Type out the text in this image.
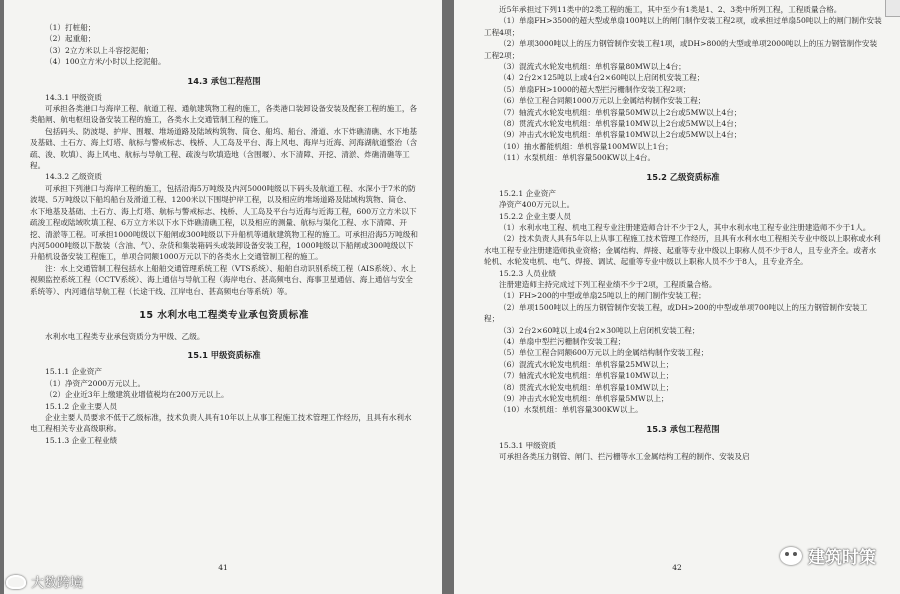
（1）打桩船；

（2）起重船；

（3）2立方米以上斗容挖泥船；

（4）100立方米/小时以上挖泥船。

14.3 承包工程范围

14.3.1 甲级资质

可承担各类港口与海岸工程、航道工程、通航建筑物工程的施工，各类港口装卸设备安装及配套工程的施工，各类船闸、航电枢纽设备安装工程的施工，各类水上交通管制工程的施工。

包括码头、防波堤、护岸、围堰、堆场道路及陆域构筑物、筒仓、船坞、船台、滑道、水下炸礁清礁、水下地基及基础、土石方、海上灯塔、航标与警戒标志、栈桥、人工岛及平台、海上风电、海岸与近海、河海湖航道整治（含疏、浚、吹填）、海上风电、航标与导航工程、疏浚与吹填造地（含围堰）、水下清障、开挖、清淤、炸礁清礁等工程。

14.3.2 乙级资质

可承担下列港口与海岸工程的施工，包括沿海5万吨级及内河5000吨级以下码头及航道工程、水深小于7米的防波堤、5万吨级以下船坞船台及滑道工程、1200米以下围堤护岸工程，以及相应的堆场道路及陆域构筑物、筒仓、水下地基及基础、土石方、海上灯塔、航标与警戒标志、栈桥、人工岛及平台与近海与近海工程，600万立方米以下疏浚工程或陆域吹填工程、6万立方米以下水下炸礁清礁工程，以及相应的测量、航标与渠化工程、水下清障、开挖、清淤等工程。可承担1000吨级以下船闸或300吨级以下升船机等通航建筑物工程的施工。可承担沿海5万吨级和内河5000吨级以下散装（含油、气）、杂货和集装箱码头或装卸设备安装工程，1000吨级以下船闸或300吨级以下升船机设备安装工程施工，单项合同额1000万元以下的各类水上交通管制工程的施工。

注：水上交通管制工程包括水上船舶交通管理系统工程（VTS系统）、船舶自动识别系统工程（AIS系统）、水上视频监控系统工程（CCTV系统）、海上通信与导航工程（海岸电台、甚高频电台、海事卫星通信、海上通信与安全系统等）、内河通信导航工程（长途干线、江岸电台、甚高频电台等系统）等。

15 水利水电工程类专业承包资质标准

水利水电工程类专业承包资质分为甲级、乙级。

15.1 甲级资质标准

15.1.1 企业资产

（1）净资产2000万元以上。

（2）企业近3年上缴建筑业增值税均在200万元以上。

15.1.2 企业主要人员

企业主要人员要求不低于乙级标准，技术负责人具有10年以上从事工程施工技术管理工作经历，且具有水利水电工程相关专业高级职称。

15.1.3 企业工程业绩

41

近5年承担过下列11类中的2类工程的施工，其中至少有1类是1、2、3类中所列工程，工程质量合格。

（1）单扇FH>3500的超大型或单扇100吨以上的闸门制作安装工程2项，或承担过单扇50吨以上的闸门制作安装工程4项；

（2）单项3000吨以上的压力钢管制作安装工程1项，或DH>800的大型或单项2000吨以上的压力钢管制作安装工程2项；

（3）混流式水轮发电机组：单机容量80MW以上4台；

（4）2台2×125吨以上或4台2×60吨以上启闭机安装工程；

（5）单扇FH>1000的超大型拦污栅制作安装工程2项；

（6）单位工程合同额1000万元以上金属结构制作安装工程；

（7）轴流式水轮发电机组：单机容量50MW以上2台或5MW以上4台；

（8）贯流式水轮发电机组：单机容量10MW以上2台或5MW以上4台；

（9）冲击式水轮发电机组：单机容量10MW以上2台或5MW以上4台；

（10）抽水蓄能机组：单机容量100MW以上1台；

（11）水泵机组：单机容量500KW以上4台。

15.2 乙级资质标准

15.2.1 企业资产

净资产400万元以上。

15.2.2 企业主要人员

（1）水利水电工程、机电工程专业注册建造师合计不少于2人，其中水利水电工程专业注册建造师不少于1人。

（2）技术负责人具有5年以上从事工程施工技术管理工作经历，且具有水利水电工程相关专业中级以上职称或水利水电工程专业注册建造师执业资格；金属结构、焊接、起重等专业中级以上职称人员不少于8人，且专业齐全。或者水轮机、水轮发电机、电气、焊接、调试、起重等专业中级以上职称人员不少于8人，且专业齐全。

15.2.3 人员业绩

注册建造师主持完成过下列工程业绩不少于2项，工程质量合格。

（1）FH>200的中型或单扇25吨以上的闸门制作安装工程；

（2）单项1500吨以上的压力钢管制作安装工程，或DH>200的中型或单项700吨以上的压力钢管制作安装工程；

（3）2台2×60吨以上或4台2×30吨以上启闭机安装工程；

（4）单扇中型拦污栅制作安装工程；

（5）单位工程合同额600万元以上的金属结构制作安装工程；

（6）混流式水轮发电机组：单机容量25MW以上；

（7）轴流式水轮发电机组：单机容量10MW以上；

（8）贯流式水轮发电机组：单机容量10MW以上；

（9）冲击式水轮发电机组：单机容量5MW以上；

（10）水泵机组：单机容量300KW以上。

15.3 承包工程范围

15.3.1 甲级资质

可承担各类压力钢管、闸门、拦污栅等水工金属结构工程的制作、安装及启

42
大数跨境
建筑时策
